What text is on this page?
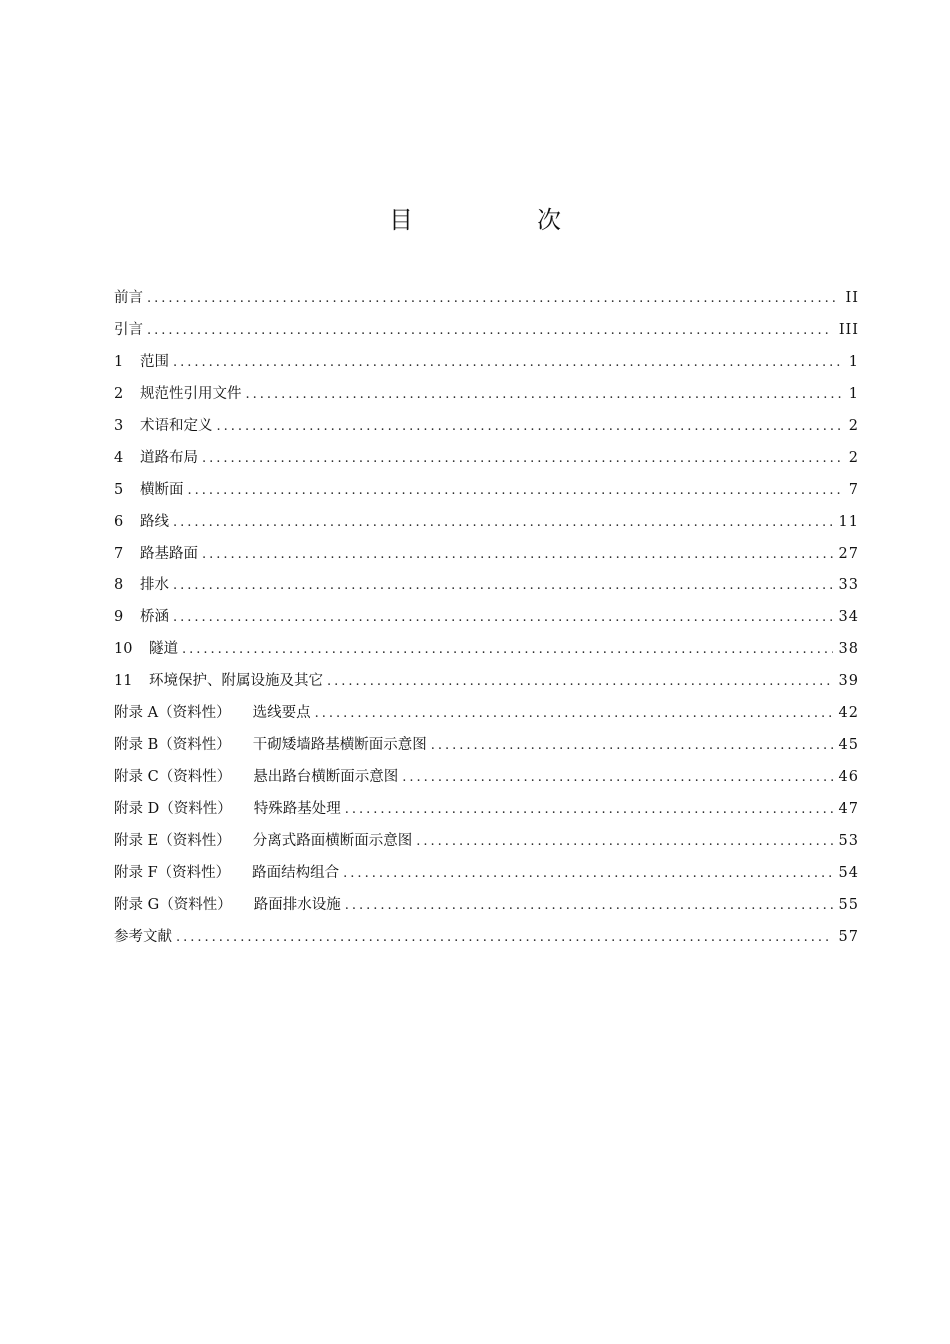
目　次
前言 .....	II
引言 .....	III
1	范围 .....	1
2	规范性引用文件 .....	1
3	术语和定义 .....	2
4	道路布局 .....	2
5	横断面 .....	7
6	路线 .....	11
7	路基路面 .....	27
8	排水 .....	33
9	桥涵 .....	34
10	隧道 .....	38
11	环境保护、附属设施及其它 .....	39
附录 A（资料性） 选线要点 .....	42
附录 B（资料性） 干砌矮墙路基横断面示意图 .....	45
附录 C（资料性） 悬出路台横断面示意图 .....	46
附录 D（资料性） 特殊路基处理 .....	47
附录 E（资料性） 分离式路面横断面示意图 .....	53
附录 F（资料性） 路面结构组合 .....	54
附录 G（资料性） 路面排水设施 .....	55
参考文献 .....	57
